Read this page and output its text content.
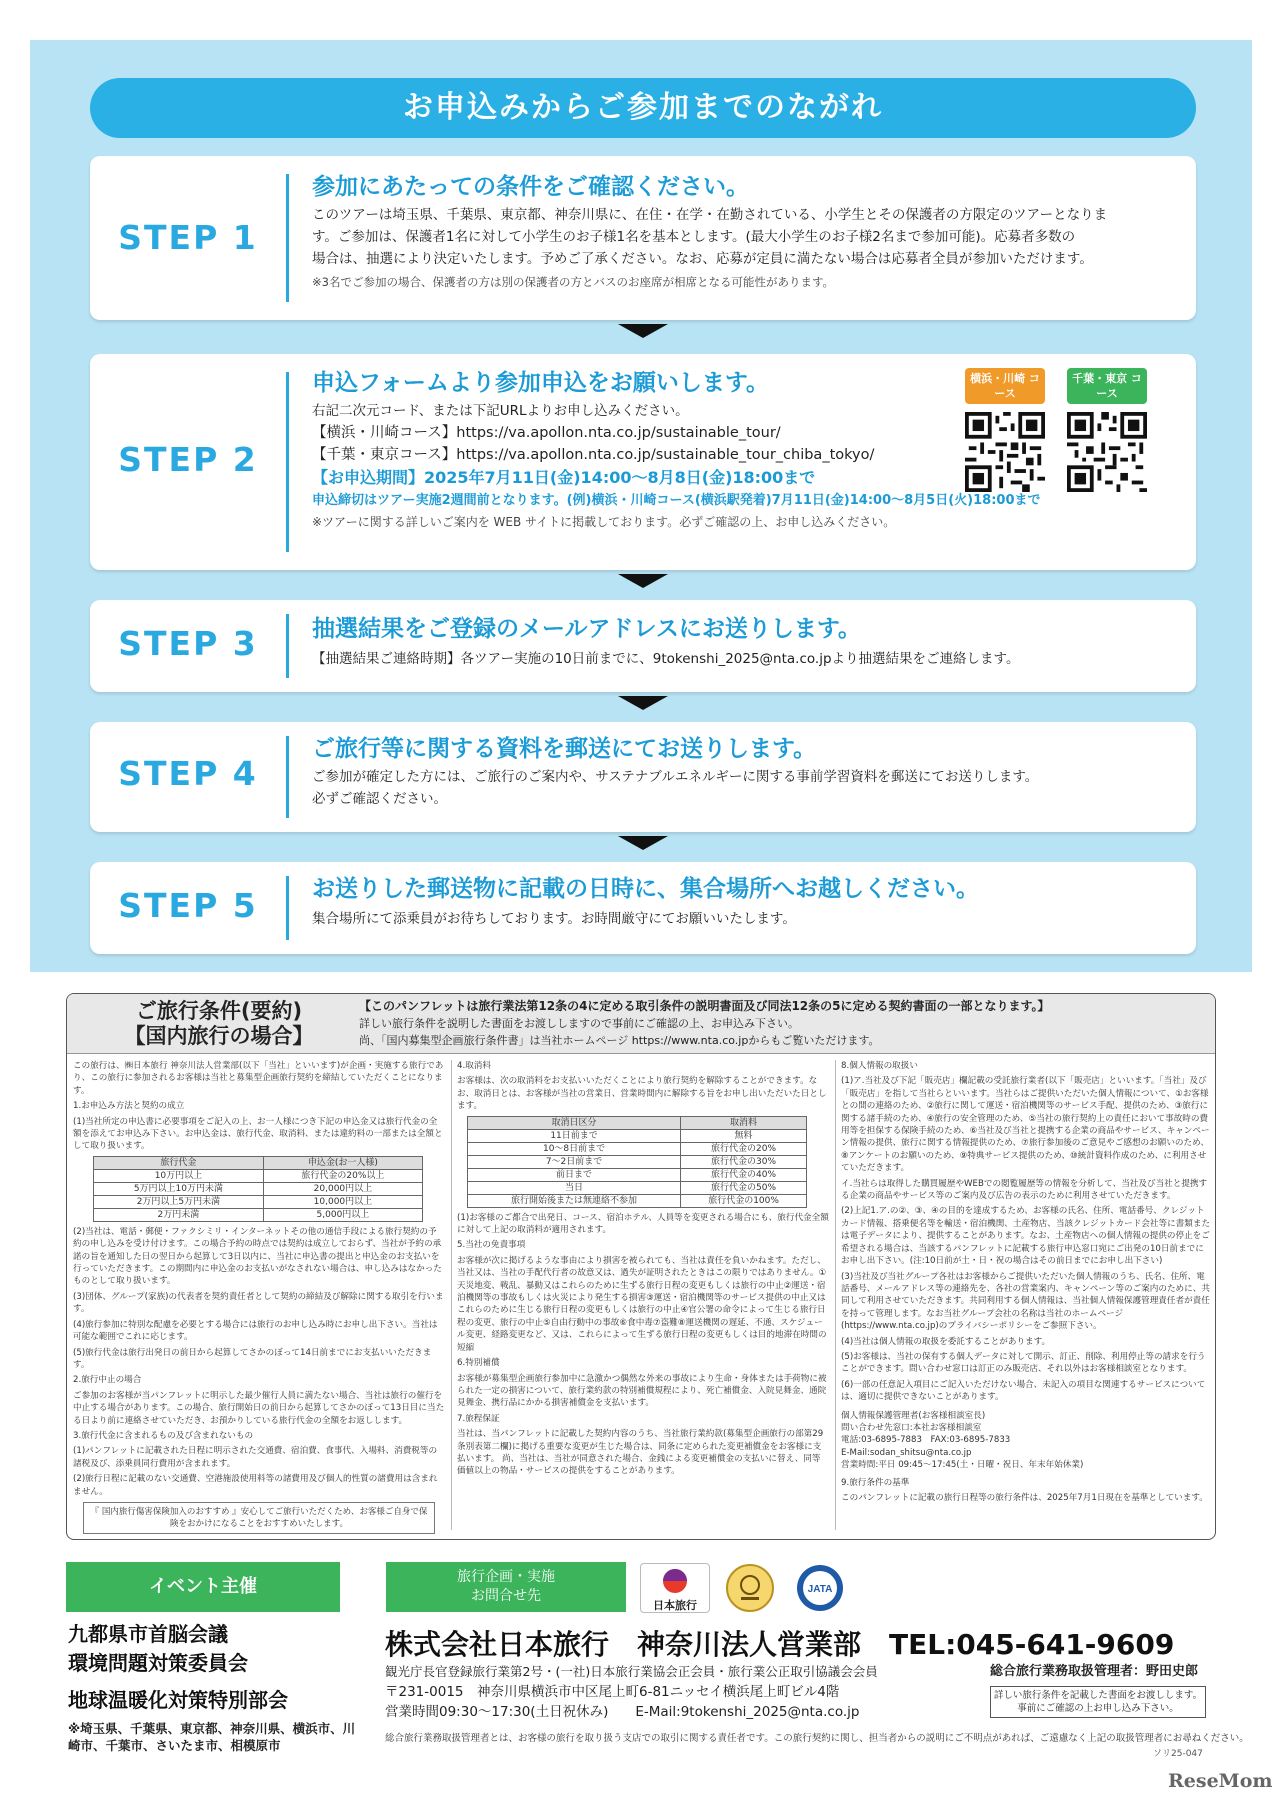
お申込みからご参加までのながれ
STEP 1
参加にあたっての条件をご確認ください。
このツアーは埼玉県、千葉県、東京都、神奈川県に、在住・在学・在勤されている、小学生とその保護者の方限定のツアーとなりま
す。ご参加は、保護者1名に対して小学生のお子様1名を基本とします。(最大小学生のお子様2名まで参加可能)。応募者多数の
場合は、抽選により決定いたします。予めご了承ください。なお、応募が定員に満たない場合は応募者全員が参加いただけます。
※3名でご参加の場合、保護者の方は別の保護者の方とバスのお座席が相席となる可能性があります。
STEP 2
申込フォームより参加申込をお願いします。
右記二次元コード、または下記URLよりお申し込みください。
【横浜・川崎コース】https://va.apollon.nta.co.jp/sustainable_tour/
【千葉・東京コース】https://va.apollon.nta.co.jp/sustainable_tour_chiba_tokyo/
【お申込期間】2025年7月11日(金)14:00～8月8日(金)18:00まで
申込締切はツアー実施2週間前となります。(例)横浜・川崎コース(横浜駅発着)7月11日(金)14:00～8月5日(火)18:00まで
※ツアーに関する詳しいご案内を WEB サイトに掲載しております。必ずご確認の上、お申し込みください。
横浜・川崎 コース
千葉・東京 コース
STEP 3	抽選結果をご登録のメールアドレスにお送りします。
【抽選結果ご連絡時期】各ツアー実施の10日前までに、9tokenshi_2025@nta.co.jpより抽選結果をご連絡します。
STEP 4
ご旅行等に関する資料を郵送にてお送りします。
ご参加が確定した方には、ご旅行のご案内や、サステナブルエネルギーに関する事前学習資料を郵送にてお送りします。
必ずご確認ください。
STEP 5	お送りした郵送物に記載の日時に、集合場所へお越しください。
集合場所にて添乗員がお待ちしております。お時間厳守にてお願いいたします。
ご旅行条件(要約)
【国内旅行の場合】
【このパンフレットは旅行業法第12条の4に定める取引条件の説明書面及び同法12条の5に定める契約書面の一部となります。】
詳しい旅行条件を説明した書面をお渡ししますので事前にご確認の上、お申込み下さい。
尚、「国内募集型企画旅行条件書」は当社ホームページ https://www.nta.co.jpからもご覧いただけます。

この旅行は、㈱日本旅行 神奈川法人営業部(以下「当社」といいます)が企画・実施する旅行であり、この旅行に参加されるお客様は当社と募集型企画旅行契約を締結していただくことになります。

1.お申込み方法と契約の成立

(1)当社所定の申込書に必要事項をご記入の上、お一人様につき下記の申込金又は旅行代金の全額を添えてお申込み下さい。お申込金は、旅行代金、取消料、または違約料の一部または全額として取り扱います。

旅行代金	申込金(お一人様)
10万円以上	旅行代金の20%以上
5万円以上10万円未満	20,000円以上
2万円以上5万円未満	10,000円以上
2万円未満	5,000円以上

(2)当社は、電話・郵便・ファクシミリ・インターネットその他の通信手段による旅行契約の予約の申し込みを受け付けます。この場合予約の時点では契約は成立しておらず、当社が予約の承諾の旨を通知した日の翌日から起算して3日以内に、当社に申込書の提出と申込金のお支払いを行っていただきます。この期間内に申込金のお支払いがなされない場合は、申し込みはなかったものとして取り扱います。

(3)団体、グループ(家族)の代表者を契約責任者として契約の締結及び解除に関する取引を行います。

(4)旅行参加に特別な配慮を必要とする場合には旅行のお申し込み時にお申し出下さい。当社は可能な範囲でこれに応じます。

(5)旅行代金は旅行出発日の前日から起算してさかのぼって14日前までにお支払いいただきます。

2.旅行中止の場合

ご参加のお客様が当パンフレットに明示した最少催行人員に満たない場合、当社は旅行の催行を中止する場合があります。この場合、旅行開始日の前日から起算してさかのぼって13日目に当たる日より前に連絡させていただき、お預かりしている旅行代金の全額をお返しします。

3.旅行代金に含まれるもの及び含まれないもの

(1)パンフレットに記載された日程に明示された交通費、宿泊費、食事代、入場料、消費税等の諸税及び、添乗員同行費用が含まれます。

(2)旅行日程に記載のない交通費、空港施設使用料等の諸費用及び個人的性質の諸費用は含まれません。

『 国内旅行傷害保険加入のおすすめ 』安心してご旅行いただくため、お客様ご自身で保険をおかけになることをおすすめいたします。

4.取消料

お客様は、次の取消料をお支払いいただくことにより旅行契約を解除することができます。なお、取消日とは、お客様が当社の営業日、営業時間内に解除する旨をお申し出いただいた日とします。

取消日区分	取消料
11日前まで	無料
10〜8日前まで	旅行代金の20%
7〜2日前まで	旅行代金の30%
前日まで	旅行代金の40%
当日	旅行代金の50%
旅行開始後または無連絡不参加	旅行代金の100%

(1)お客様のご都合で出発日、コース、宿泊ホテル、人員等を変更される場合にも、旅行代金全額に対して上記の取消料が適用されます。

5.当社の免責事項

お客様が次に掲げるような事由により損害を被られても、当社は責任を負いかねます。ただし、当社又は、当社の手配代行者の故意又は、過失が証明されたときはこの限りではありません。①天災地変、戦乱、暴動又はこれらのために生ずる旅行日程の変更もしくは旅行の中止②運送・宿泊機関等の事故もしくは火災により発生する損害③運送・宿泊機関等のサービス提供の中止又はこれらのために生じる旅行日程の変更もしくは旅行の中止④官公署の命令によって生じる旅行日程の変更、旅行の中止⑤自由行動中の事故⑥食中毒⑦盗難⑧運送機関の遅延、不通、スケジュール変更、経路変更など、又は、これらによって生ずる旅行日程の変更もしくは目的地滞在時間の短縮

6.特別補償

お客様が募集型企画旅行参加中に急激かつ偶然な外来の事故により生命・身体または手荷物に被られた一定の損害について、旅行業約款の特別補償規程により、死亡補償金、入院見舞金、通院見舞金、携行品にかかる損害補償金を支払います。

7.旅程保証

当社は、当パンフレットに記載した契約内容のうち、当社旅行業約款(募集型企画旅行の部第29条別表第二欄)に掲げる重要な変更が生じた場合は、同条に定められた変更補償金をお客様に支払います。 尚、当社は、当社が同意された場合、金銭による変更補償金の支払いに替え、同等価値以上の物品・サービスの提供をすることがあります。

8.個人情報の取扱い

(1)ア.当社及び下記「販売店」欄記載の受託旅行業者(以下「販売店」といいます。「当社」及び「販売店」を指して当社らといいます。当社らはご提供いただいた個人情報について、①お客様との間の連絡のため、②旅行に関して運送・宿泊機関等のサービス手配、提供のため、③旅行に関する諸手続のため、④旅行の安全管理のため、⑤当社の旅行契約上の責任において事故時の費用等を担保する保険手続のため、⑥当社及び当社と提携する企業の商品やサービス、キャンペーン情報の提供、旅行に関する情報提供のため、⑦旅行参加後のご意見やご感想のお願いのため、⑧アンケートのお願いのため、⑨特典サービス提供のため、⑩統計資料作成のため、に利用させていただきます。

イ.当社らは取得した購買履歴やWEBでの閲覧履歴等の情報を分析して、当社及び当社と提携する企業の商品やサービス等のご案内及び広告の表示のために利用させていただきます。

(2)上記1.ア.の②、③、④の目的を達成するため、お客様の氏名、住所、電話番号、クレジットカード情報、搭乗便名等を輸送・宿泊機関、土産物店、当該クレジットカード会社等に書類または電子データにより、提供することがあります。なお、土産物店への個人情報の提供の停止をご希望される場合は、当該するパンフレットに記載する旅行申込窓口宛にご出発の10日前までにお申し出下さい。(注:10日前が土・日・祝の場合はその前日までにお申し出下さい)

(3)当社及び当社グループ各社はお客様からご提供いただいた個人情報のうち、氏名、住所、電話番号、メールアドレス等の連絡先を、各社の営業案内、キャンペーン等のご案内のために、共同して利用させていただきます。共同利用する個人情報は、当社個人情報保護管理責任者が責任を持って管理します。なお当社グループ会社の名称は当社のホームページ(https://www.nta.co.jp)のプライバシーポリシーをご参照下さい。

(4)当社は個人情報の取扱を委託することがあります。

(5)お客様は、当社の保有する個人データに対して開示、訂正、削除、利用停止等の請求を行うことができます。問い合わせ窓口は訂正のみ販売店、それ以外はお客様相談室となります。

(6)一部の任意記入項目にご記入いただけない場合、未記入の項目な関連するサービスについては、適切に提供できないことがあります。

個人情報保護管理者(お客様相談室長)

問い合わせ先窓口:本社お客様相談室

電話:03-6895-7883　FAX:03-6895-7833

E-Mail:sodan_shitsu@nta.co.jp

営業時間:平日 09:45〜17:45(土・日曜・祝日、年末年始休業)

9.旅行条件の基準

このパンフレットに記載の旅行日程等の旅行条件は、2025年7月1日現在を基準としています。

イベント主催
九都県市首脳会議
環境問題対策委員会
地球温暖化対策特別部会
※埼玉県、千葉県、東京都、神奈川県、横浜市、川崎市、千葉市、さいたま市、相模原市
旅行企画・実施 お問合せ先
日本旅行
JATA
株式会社日本旅行　神奈川法人営業部　TEL:045-641-9609
観光庁長官登録旅行業第2号・(一社)日本旅行業協会正会員・旅行業公正取引協議会会員
〒231-0015　神奈川県横浜市中区尾上町6-81ニッセイ横浜尾上町ビル4階
営業時間09:30〜17:30(土日祝休み)　　E-Mail:9tokenshi_2025@nta.co.jp
総合旅行業務取扱管理者：野田史郎
詳しい旅行条件を記載した書面をお渡しします。事前にご確認の上お申し込み下さい。
総合旅行業務取扱管理者とは、お客様の旅行を取り扱う支店での取引に関する責任者です。この旅行契約に関し、担当者からの説明にご不明点があれば、ご遠慮なく上記の取扱管理者にお尋ねください。
ソリ25-047
ReseMom
